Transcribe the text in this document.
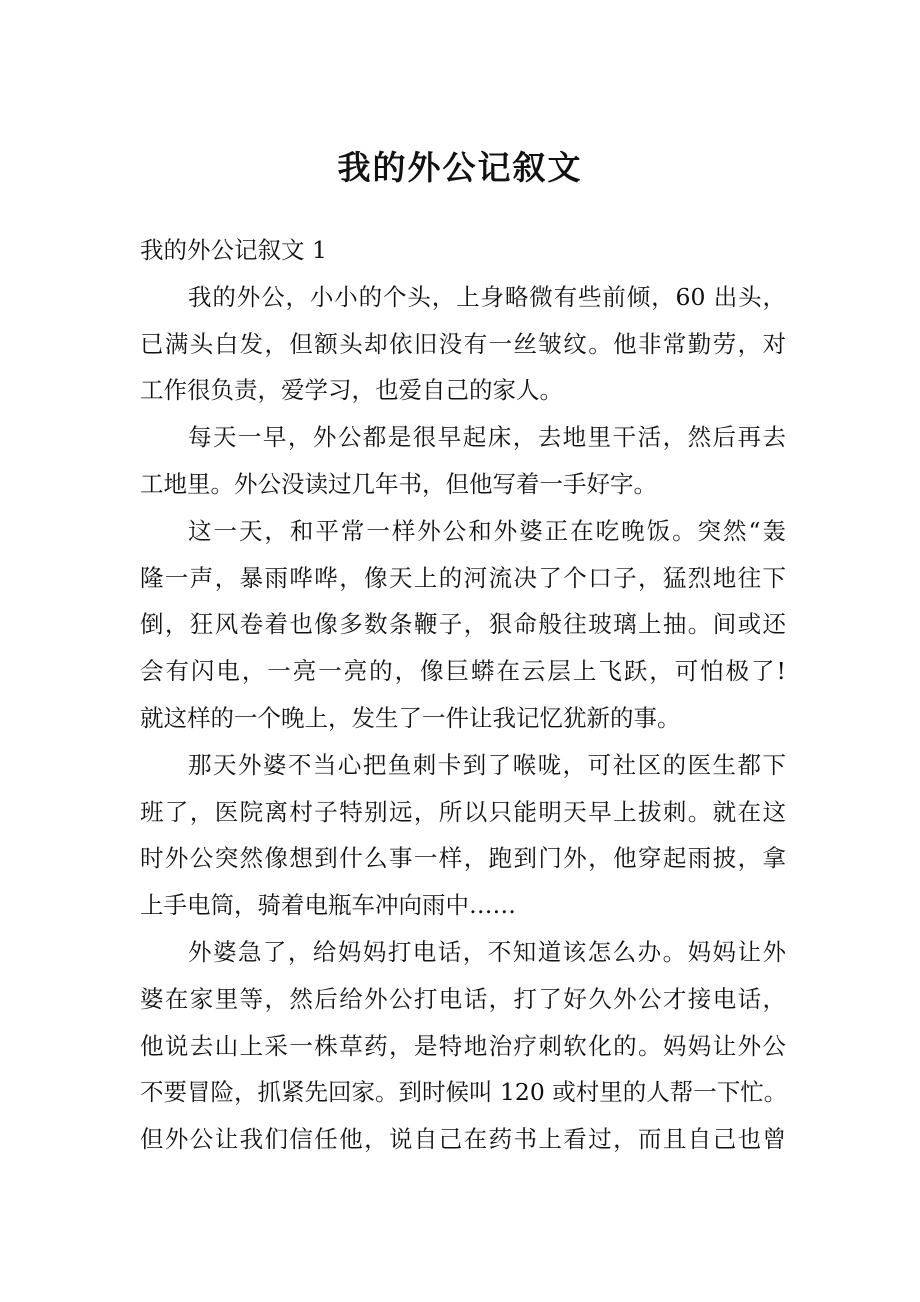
我的外公记叙文
我的外公记叙文 1
我的外公，小小的个头，上身略微有些前倾，60 出头，
已满头白发，但额头却依旧没有一丝皱纹。他非常勤劳，对
工作很负责，爱学习，也爱自己的家人。
每天一早，外公都是很早起床，去地里干活，然后再去
工地里。外公没读过几年书，但他写着一手好字。
这一天，和平常一样外公和外婆正在吃晚饭。突然“轰
隆一声，暴雨哗哗，像天上的河流决了个口子，猛烈地往下
倒，狂风卷着也像多数条鞭子，狠命般往玻璃上抽。间或还
会有闪电，一亮一亮的，像巨蟒在云层上飞跃，可怕极了!
就这样的一个晚上，发生了一件让我记忆犹新的事。
那天外婆不当心把鱼刺卡到了喉咙，可社区的医生都下
班了，医院离村子特别远，所以只能明天早上拔刺。就在这
时外公突然像想到什么事一样，跑到门外，他穿起雨披，拿
上手电筒，骑着电瓶车冲向雨中……
外婆急了，给妈妈打电话，不知道该怎么办。妈妈让外
婆在家里等，然后给外公打电话，打了好久外公才接电话，
他说去山上采一株草药，是特地治疗刺软化的。妈妈让外公
不要冒险，抓紧先回家。到时候叫 120 或村里的人帮一下忙。
但外公让我们信任他，说自己在药书上看过，而且自己也曾
